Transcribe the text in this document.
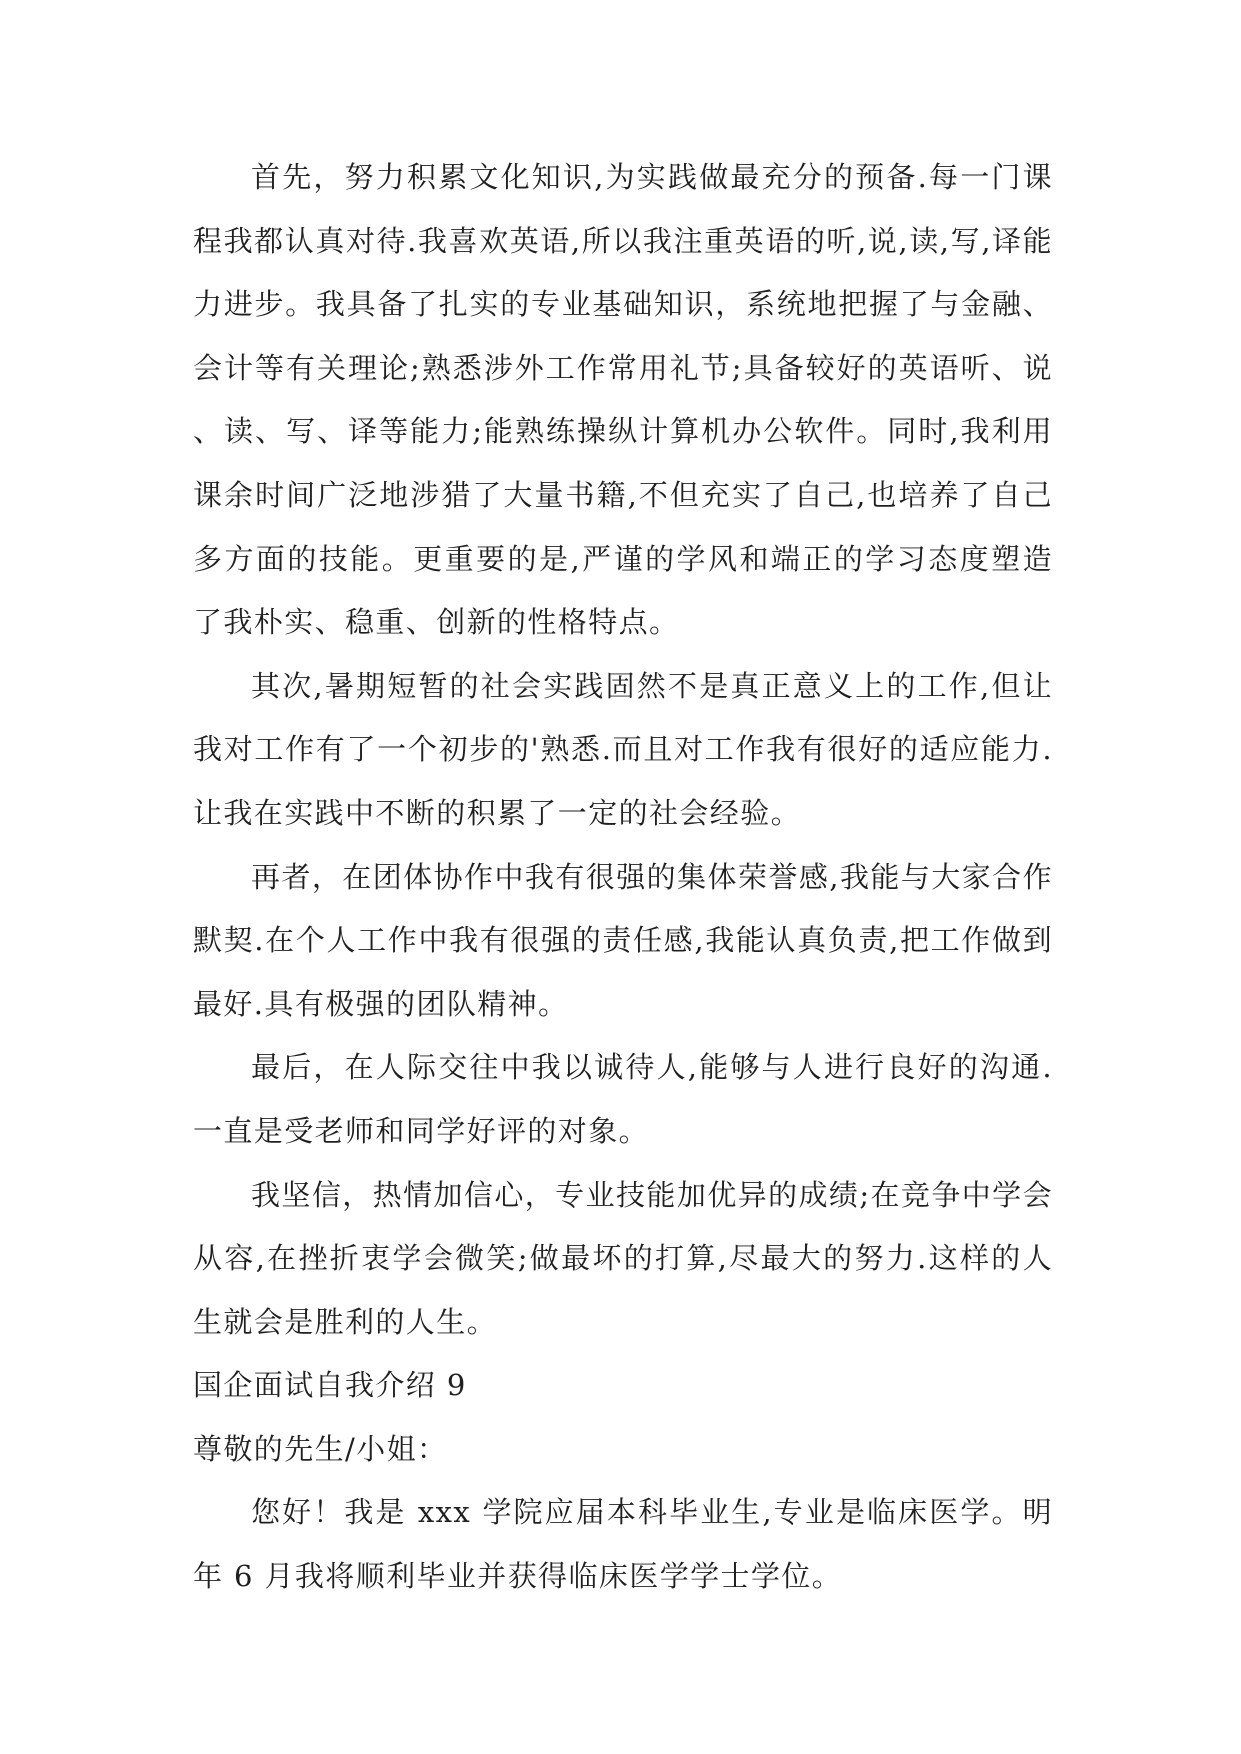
首先，努力积累文化知识,为实践做最充分的预备.每一门课程我都认真对待.我喜欢英语,所以我注重英语的听,说,读,写,译能力进步。我具备了扎实的专业基础知识，系统地把握了与金融、会计等有关理论;熟悉涉外工作常用礼节;具备较好的英语听、说、读、写、译等能力;能熟练操纵计算机办公软件。同时,我利用课余时间广泛地涉猎了大量书籍,不但充实了自己,也培养了自己多方面的技能。更重要的是,严谨的学风和端正的学习态度塑造了我朴实、稳重、创新的性格特点。

其次,暑期短暂的社会实践固然不是真正意义上的工作,但让我对工作有了一个初步的'熟悉.而且对工作我有很好的适应能力.让我在实践中不断的积累了一定的社会经验。

再者，在团体协作中我有很强的集体荣誉感,我能与大家合作默契.在个人工作中我有很强的责任感,我能认真负责,把工作做到最好.具有极强的团队精神。

最后，在人际交往中我以诚待人,能够与人进行良好的沟通.一直是受老师和同学好评的对象。

我坚信，热情加信心，专业技能加优异的成绩;在竞争中学会从容,在挫折衷学会微笑;做最坏的打算,尽最大的努力.这样的人生就会是胜利的人生。

国企面试自我介绍 9

尊敬的先生/小姐：

您好！我是 xxx 学院应届本科毕业生,专业是临床医学。明年 6 月我将顺利毕业并获得临床医学学士学位。
